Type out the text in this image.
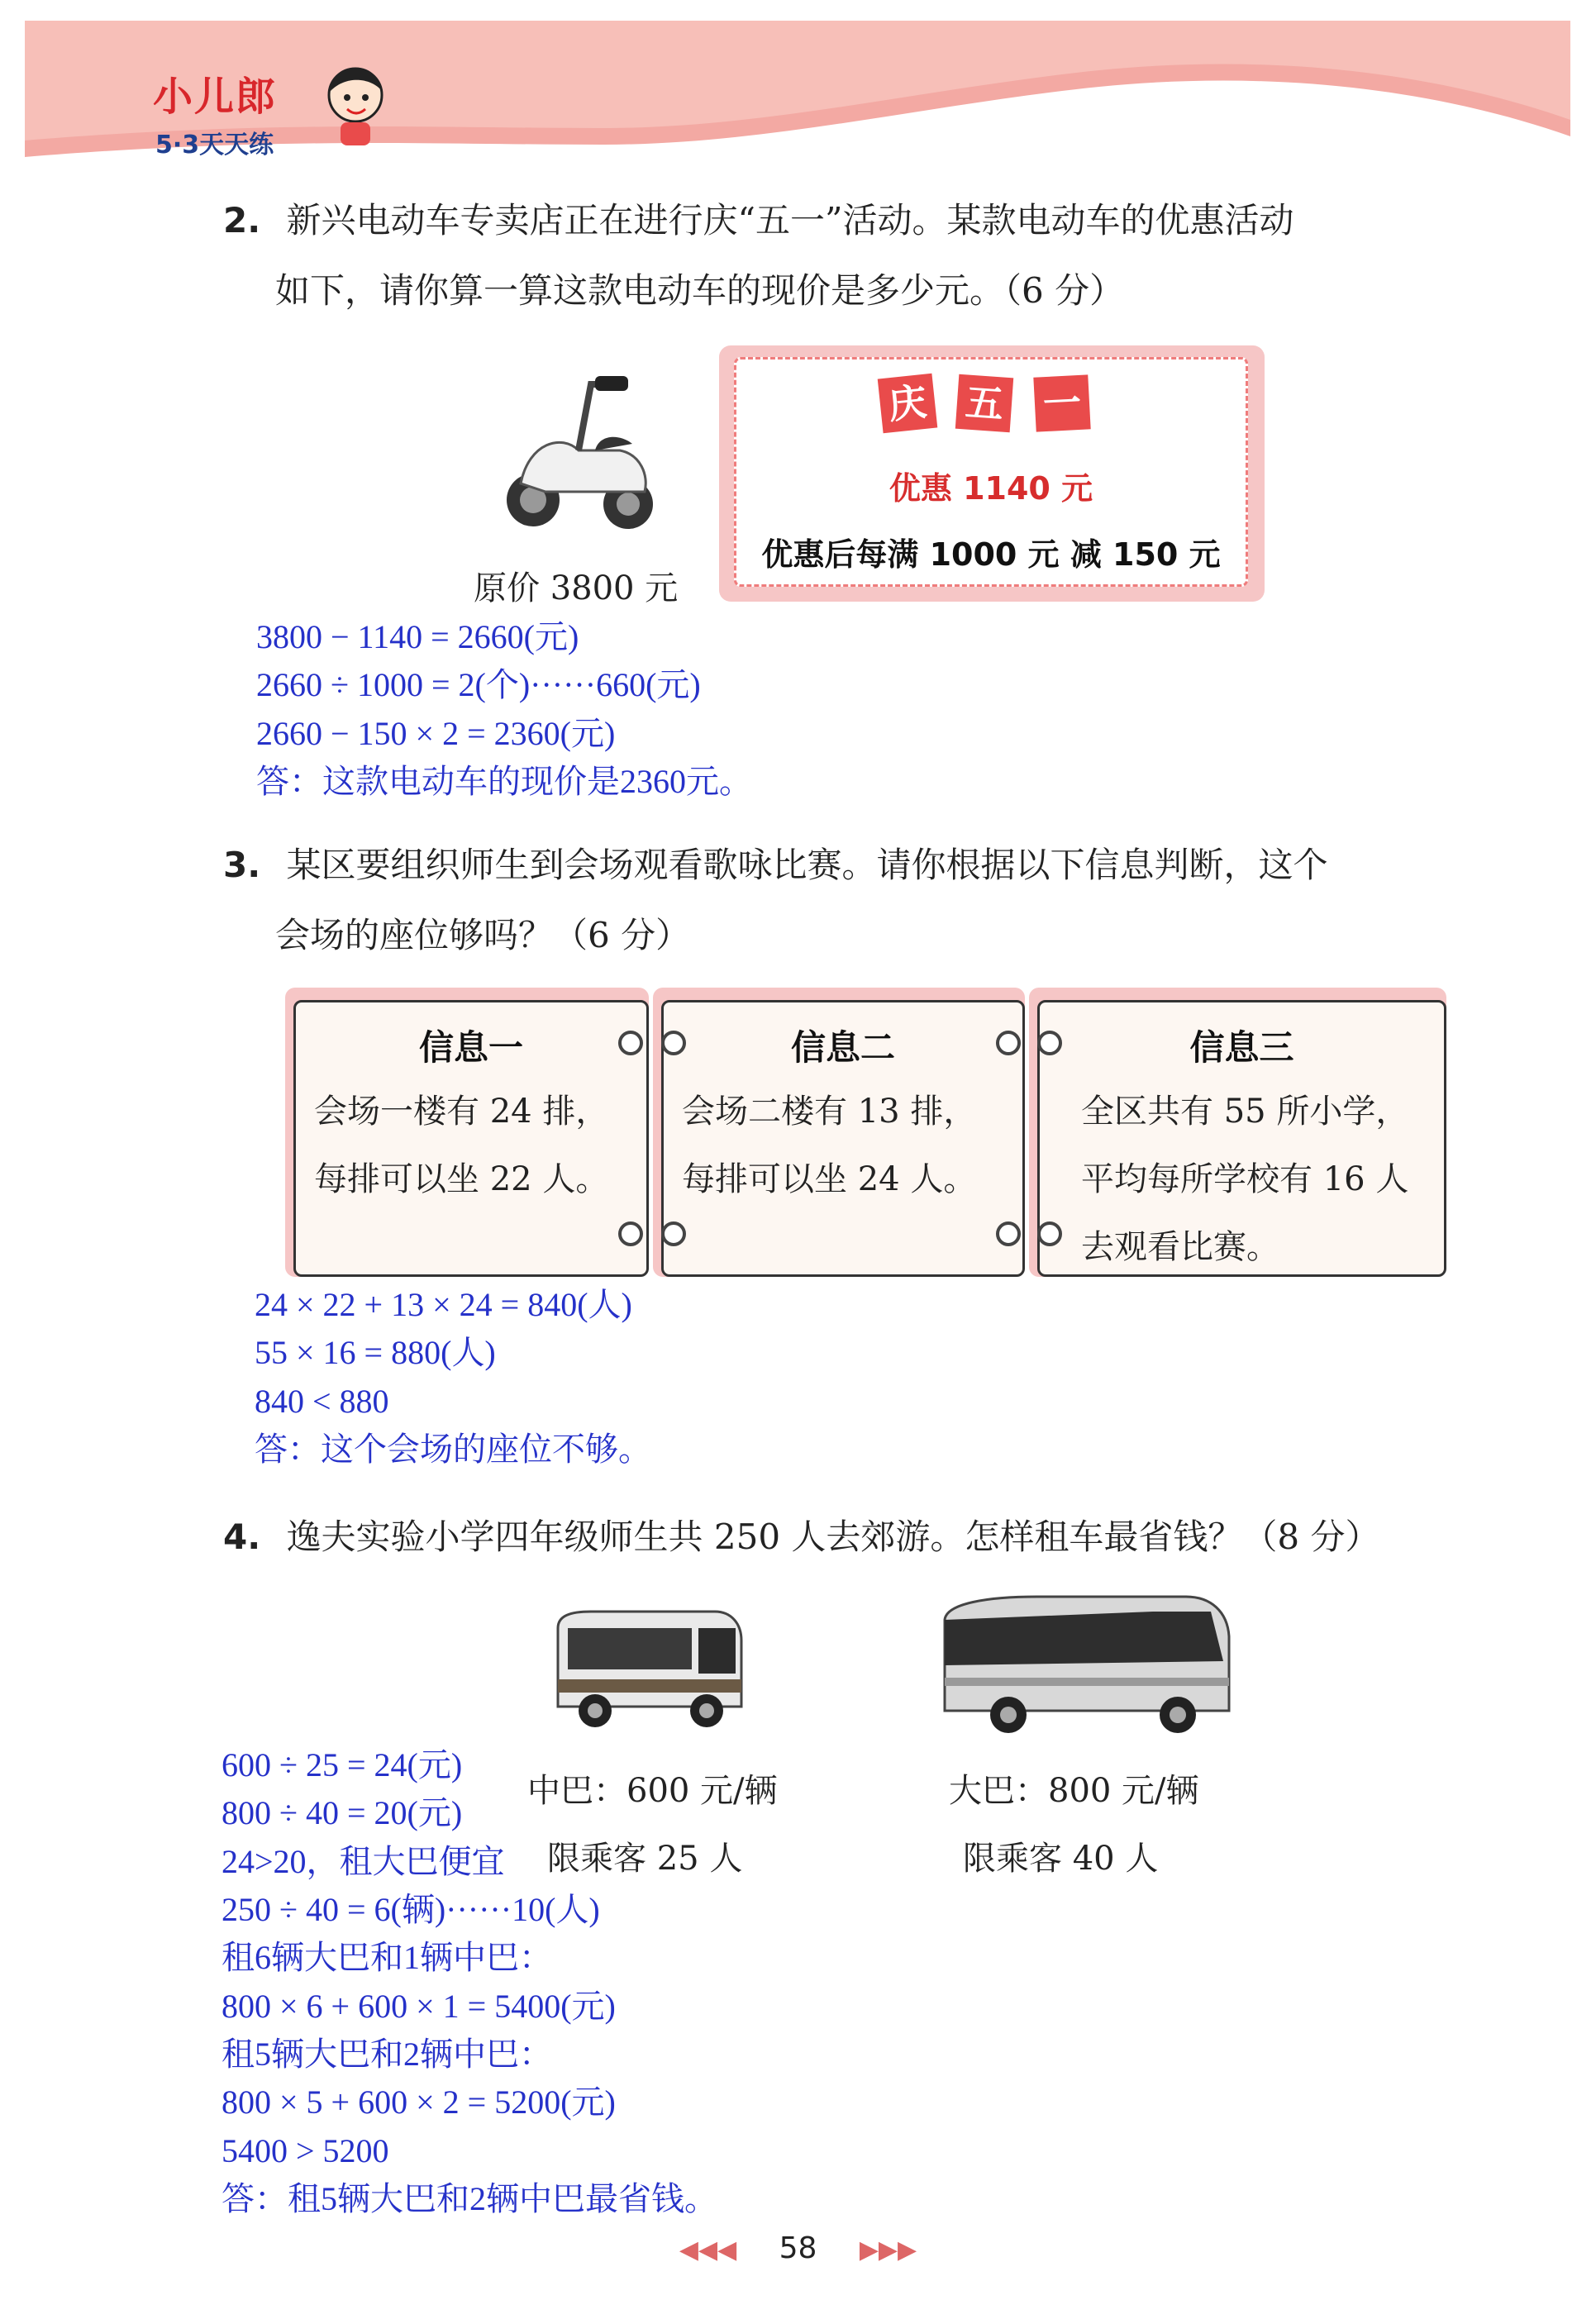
小儿郎
5·3天天练
2. 新兴电动车专卖店正在进行庆“五一”活动。某款电动车的优惠活动
如下，请你算一算这款电动车的现价是多少元。（6 分）
原价 3800 元
庆 五 一
优惠 1140 元
优惠后每满 1000 元 减 150 元
3800 − 1140 = 2660(元)
2660 ÷ 1000 = 2(个)······660(元)
2660 − 150 × 2 = 2360(元)
答：这款电动车的现价是2360元。
3. 某区要组织师生到会场观看歌咏比赛。请你根据以下信息判断，这个
会场的座位够吗？（6 分）
信息一
会场一楼有 24 排，
每排可以坐 22 人。
信息二
会场二楼有 13 排，
每排可以坐 24 人。
信息三
全区共有 55 所小学，
平均每所学校有 16 人
去观看比赛。
24 × 22 + 13 × 24 = 840(人)
55 × 16 = 880(人)
840 < 880
答：这个会场的座位不够。
4. 逸夫实验小学四年级师生共 250 人去郊游。怎样租车最省钱？（8 分）
中巴：600 元/辆
限乘客 25 人
大巴：800 元/辆
限乘客 40 人
600 ÷ 25 = 24(元)
800 ÷ 40 = 20(元)
24>20，租大巴便宜
250 ÷ 40 = 6(辆)······10(人)
租6辆大巴和1辆中巴：
800 × 6 + 600 × 1 = 5400(元)
租5辆大巴和2辆中巴：
800 × 5 + 600 × 2 = 5200(元)
5400 > 5200
答：租5辆大巴和2辆中巴最省钱。
◀◀◀ 58 ▶▶▶
